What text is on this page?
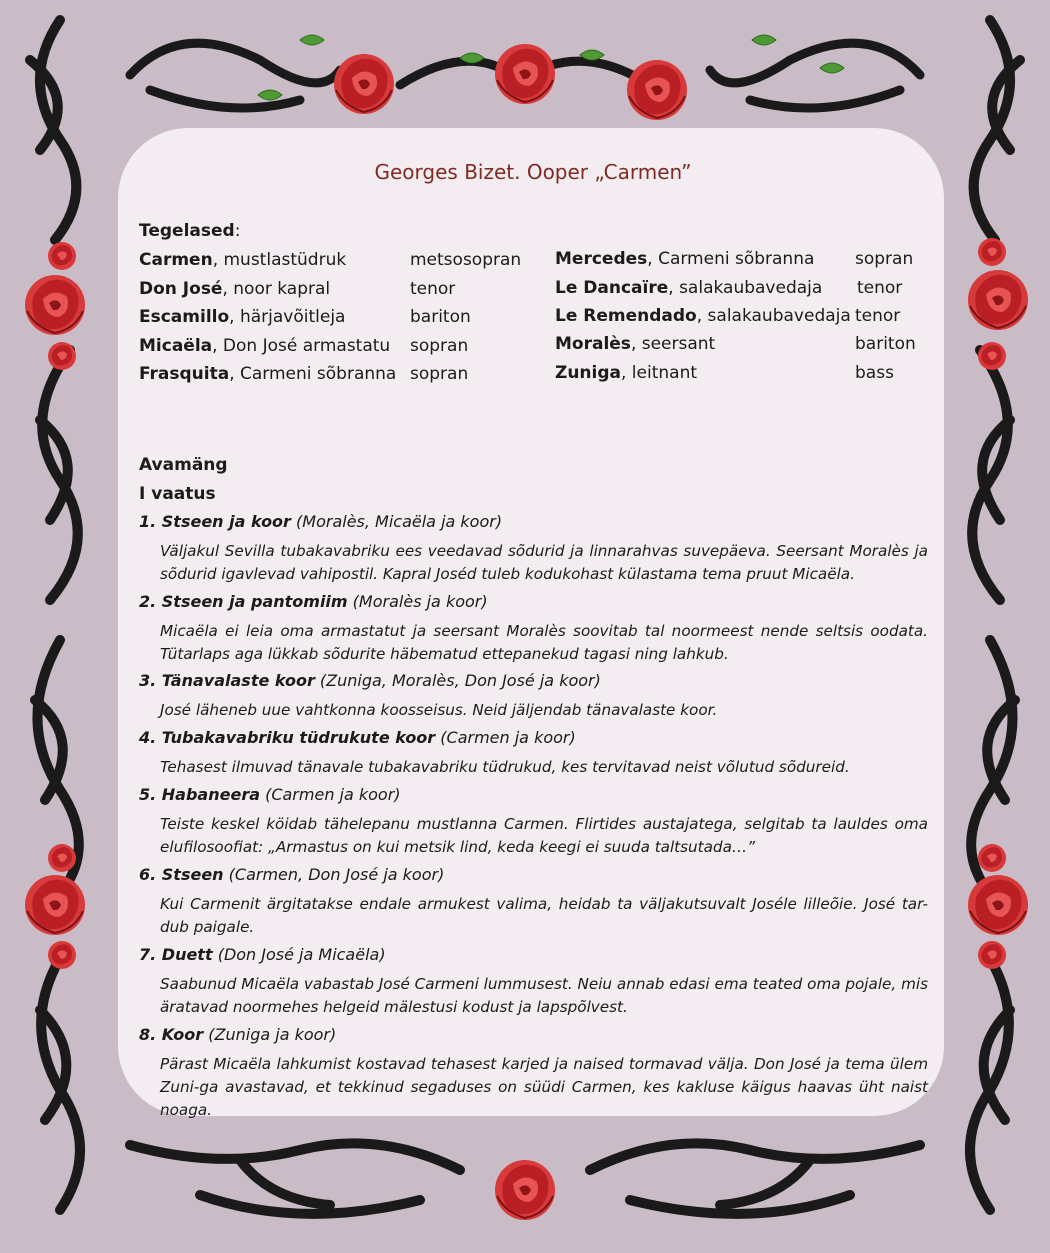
Georges Bizet. Ooper „Carmen”
Tegelased:
Carmen, mustlastüdruk	metsosopran
Don José, noor kapral	tenor
Escamillo, härjavõitleja	bariton
Micaëla, Don José armastatu sopran
Frasquita, Carmeni sõbranna sopran
Mercedes, Carmeni sõbranna sopran
Le Dancaïre, salakaubavedaja tenor
Le Remendado, salakaubavedaja tenor
Moralès, seersant	bariton
Zuniga, leitnant	bass
Avamäng
I vaatus
1. Stseen ja koor (Moralès, Micaëla ja koor)
Väljakul Sevilla tubakavabriku ees veedavad sõdurid ja linnarahvas suvepäeva. Seersant Moralès ja sõdurid igavlevad vahipostil. Kapral Joséd tuleb kodukohast külastama tema pruut Micaëla.
2. Stseen ja pantomiim (Moralès ja koor)
Micaëla ei leia oma armastatut ja seersant Moralès soovitab tal noormeest nende seltsis oodata. Tütarlaps aga lükkab sõdurite häbematud ettepanekud tagasi ning lahkub.
3. Tänavalaste koor (Zuniga, Moralès, Don José ja koor)
José läheneb uue vahtkonna koosseisus. Neid jäljendab tänavalaste koor.
4. Tubakavabriku tüdrukute koor (Carmen ja koor)
Tehasest ilmuvad tänavale tubakavabriku tüdrukud, kes tervitavad neist võlutud sõdureid.
5. Habaneera (Carmen ja koor)
Teiste keskel köidab tähelepanu mustlanna Carmen. Flirtides austajatega, selgitab ta lauldes oma elufilosoofiat: „Armastus on kui metsik lind, keda keegi ei suuda taltsutada…”
6. Stseen (Carmen, Don José ja koor)
Kui Carmenit ärgitatakse endale armukest valima, heidab ta väljakutsuvalt Joséle lilleõie. José tar-dub paigale.
7. Duett (Don José ja Micaëla)
Saabunud Micaëla vabastab José Carmeni lummusest. Neiu annab edasi ema teated oma pojale, mis äratavad noormehes helgeid mälestusi kodust ja lapspõlvest.
8. Koor (Zuniga ja koor)
Pärast Micaëla lahkumist kostavad tehasest karjed ja naised tormavad välja. Don José ja tema ülem Zuni-ga avastavad, et tekkinud segaduses on süüdi Carmen, kes kakluse käigus haavas üht naist noaga.
